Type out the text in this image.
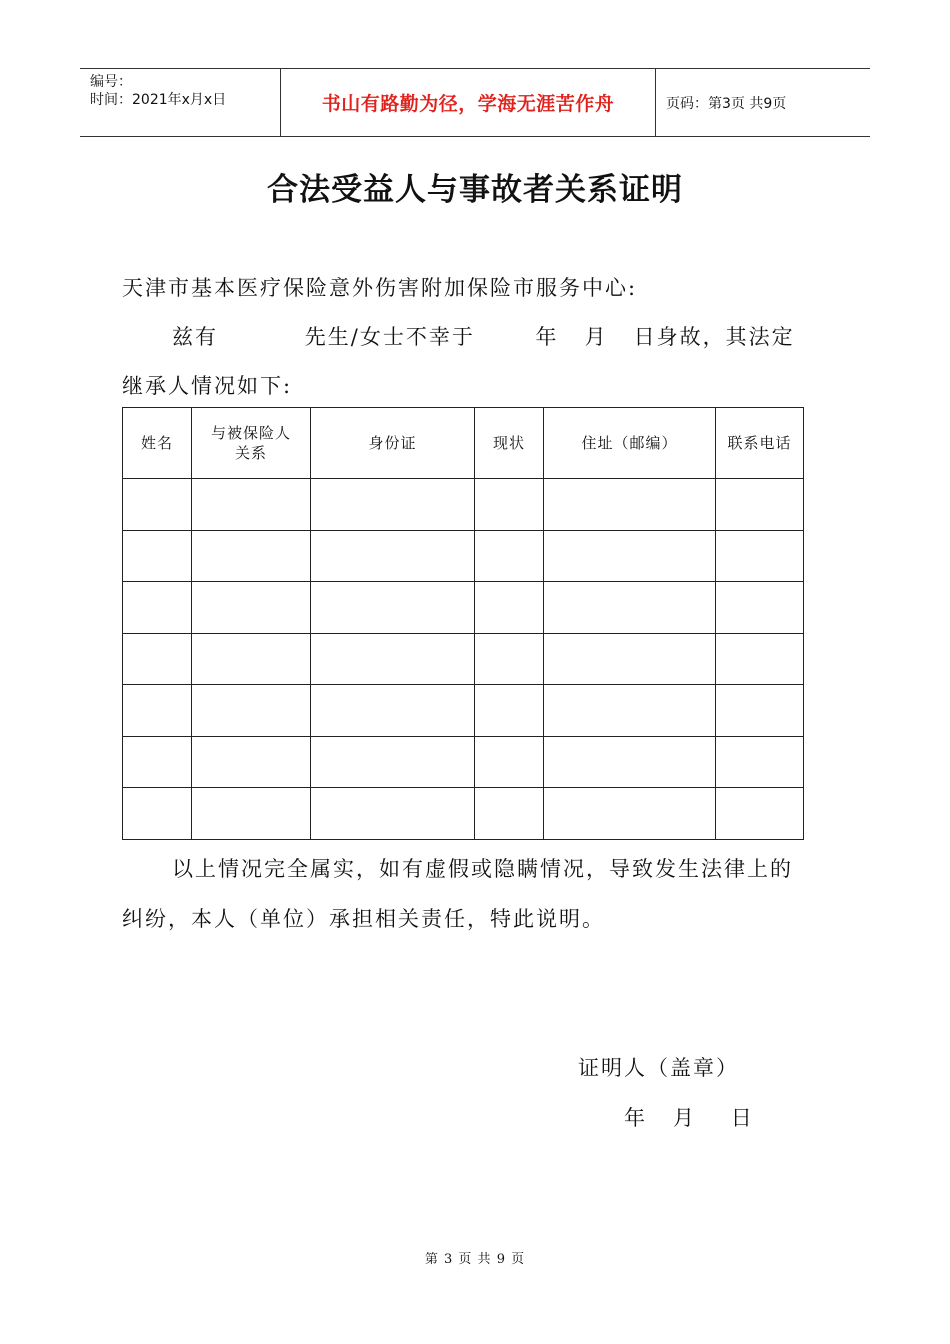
编号：
时间：2021年x月x日	书山有路勤为径，学海无涯苦作舟	页码：第3页 共9页
合法受益人与事故者关系证明
天津市基本医疗保险意外伤害附加保险市服务中心:
兹有          先生/女士不幸于       年   月   日身故，其法定
继承人情况如下:
姓名	与被保险人关系	身份证	现状	住址（邮编）	联系电话

以上情况完全属实，如有虚假或隐瞒情况，导致发生法律上的
纠纷，本人（单位）承担相关责任，特此说明。
证明人（盖章）
年   月    日
第 3 页 共 9 页
